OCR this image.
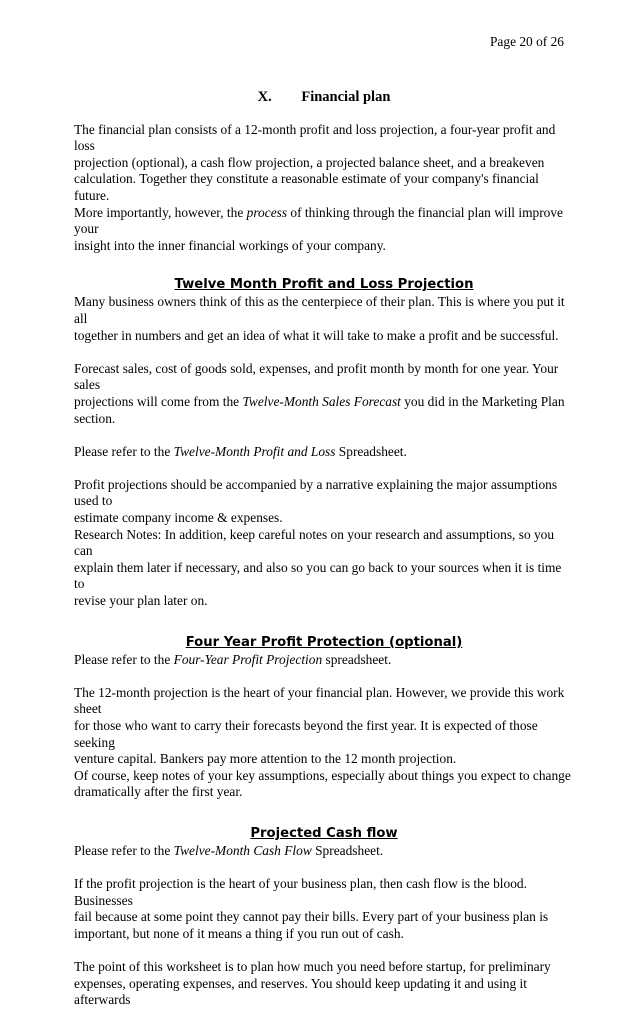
Page 20 of 26
X. Financial plan

The financial plan consists of a 12-month profit and loss projection, a four-year profit and loss

projection (optional), a cash flow projection, a projected balance sheet, and a breakeven

calculation. Together they constitute a reasonable estimate of your company's financial future.

More importantly, however, the process of thinking through the financial plan will improve your

insight into the inner financial workings of your company.

Twelve Month Profit and Loss Projection

Many business owners think of this as the centerpiece of their plan. This is where you put it all

together in numbers and get an idea of what it will take to make a profit and be successful.

Forecast sales, cost of goods sold, expenses, and profit month by month for one year. Your sales

projections will come from the Twelve-Month Sales Forecast you did in the Marketing Plan

section.

Please refer to the Twelve-Month Profit and Loss Spreadsheet.

Profit projections should be accompanied by a narrative explaining the major assumptions used to

estimate company income & expenses.

Research Notes: In addition, keep careful notes on your research and assumptions, so you can

explain them later if necessary, and also so you can go back to your sources when it is time to

revise your plan later on.

Four Year Profit Protection (optional)

Please refer to the Four-Year Profit Projection spreadsheet.

The 12-month projection is the heart of your financial plan. However, we provide this work sheet

for those who want to carry their forecasts beyond the first year. It is expected of those seeking

venture capital. Bankers pay more attention to the 12 month projection.

Of course, keep notes of your key assumptions, especially about things you expect to change

dramatically after the first year.

Projected Cash flow

Please refer to the Twelve-Month Cash Flow Spreadsheet.

If the profit projection is the heart of your business plan, then cash flow is the blood. Businesses

fail because at some point they cannot pay their bills. Every part of your business plan is

important, but none of it means a thing if you run out of cash.

The point of this worksheet is to plan how much you need before startup, for preliminary

expenses, operating expenses, and reserves. You should keep updating it and using it afterwards
